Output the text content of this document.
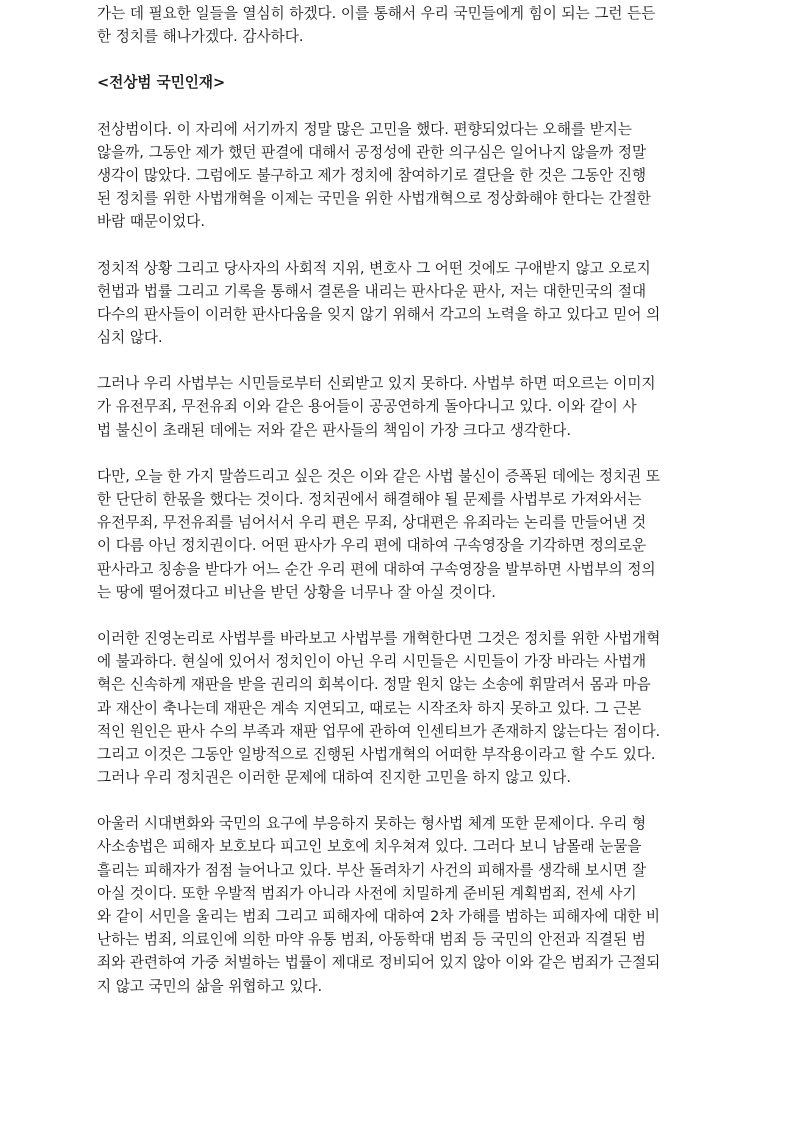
가는 데 필요한 일들을 열심히 하겠다. 이를 통해서 우리 국민들에게 힘이 되는 그런 든든
한 정치를 해나가겠다. 감사하다.
<전상범 국민인재>
전상범이다. 이 자리에 서기까지 정말 많은 고민을 했다. 편향되었다는 오해를 받지는
않을까, 그동안 제가 했던 판결에 대해서 공정성에 관한 의구심은 일어나지 않을까 정말
생각이 많았다. 그럼에도 불구하고 제가 정치에 참여하기로 결단을 한 것은 그동안 진행
된 정치를 위한 사법개혁을 이제는 국민을 위한 사법개혁으로 정상화해야 한다는 간절한
바람 때문이었다.
정치적 상황 그리고 당사자의 사회적 지위, 변호사 그 어떤 것에도 구애받지 않고 오로지
헌법과 법률 그리고 기록을 통해서 결론을 내리는 판사다운 판사, 저는 대한민국의 절대
다수의 판사들이 이러한 판사다움을 잊지 않기 위해서 각고의 노력을 하고 있다고 믿어 의
심치 않다.
그러나 우리 사법부는 시민들로부터 신뢰받고 있지 못하다. 사법부 하면 떠오르는 이미지
가 유전무죄, 무전유죄 이와 같은 용어들이 공공연하게 돌아다니고 있다. 이와 같이 사
법 불신이 초래된 데에는 저와 같은 판사들의 책임이 가장 크다고 생각한다.
다만, 오늘 한 가지 말씀드리고 싶은 것은 이와 같은 사법 불신이 증폭된 데에는 정치권 또
한 단단히 한몫을 했다는 것이다. 정치권에서 해결해야 될 문제를 사법부로 가져와서는
유전무죄, 무전유죄를 넘어서서 우리 편은 무죄, 상대편은 유죄라는 논리를 만들어낸 것
이 다름 아닌 정치권이다. 어떤 판사가 우리 편에 대하여 구속영장을 기각하면 정의로운
판사라고 칭송을 받다가 어느 순간 우리 편에 대하여 구속영장을 발부하면 사법부의 정의
는 땅에 떨어졌다고 비난을 받던 상황을 너무나 잘 아실 것이다.
이러한 진영논리로 사법부를 바라보고 사법부를 개혁한다면 그것은 정치를 위한 사법개혁
에 불과하다. 현실에 있어서 정치인이 아닌 우리 시민들은 시민들이 가장 바라는 사법개
혁은 신속하게 재판을 받을 권리의 회복이다. 정말 원치 않는 소송에 휘말려서 몸과 마음
과 재산이 축나는데 재판은 계속 지연되고, 때로는 시작조차 하지 못하고 있다. 그 근본
적인 원인은 판사 수의 부족과 재판 업무에 관하여 인센티브가 존재하지 않는다는 점이다.
그리고 이것은 그동안 일방적으로 진행된 사법개혁의 어떠한 부작용이라고 할 수도 있다.
그러나 우리 정치권은 이러한 문제에 대하여 진지한 고민을 하지 않고 있다.
아울러 시대변화와 국민의 요구에 부응하지 못하는 형사법 체계 또한 문제이다. 우리 형
사소송법은 피해자 보호보다 피고인 보호에 치우쳐져 있다. 그러다 보니 남몰래 눈물을
흘리는 피해자가 점점 늘어나고 있다. 부산 돌려차기 사건의 피해자를 생각해 보시면 잘
아실 것이다. 또한 우발적 범죄가 아니라 사전에 치밀하게 준비된 계획범죄, 전세 사기
와 같이 서민을 울리는 범죄 그리고 피해자에 대하여 2차 가해를 범하는 피해자에 대한 비
난하는 범죄, 의료인에 의한 마약 유통 범죄, 아동학대 범죄 등 국민의 안전과 직결된 범
죄와 관련하여 가중 처벌하는 법률이 제대로 정비되어 있지 않아 이와 같은 범죄가 근절되
지 않고 국민의 삶을 위협하고 있다.
